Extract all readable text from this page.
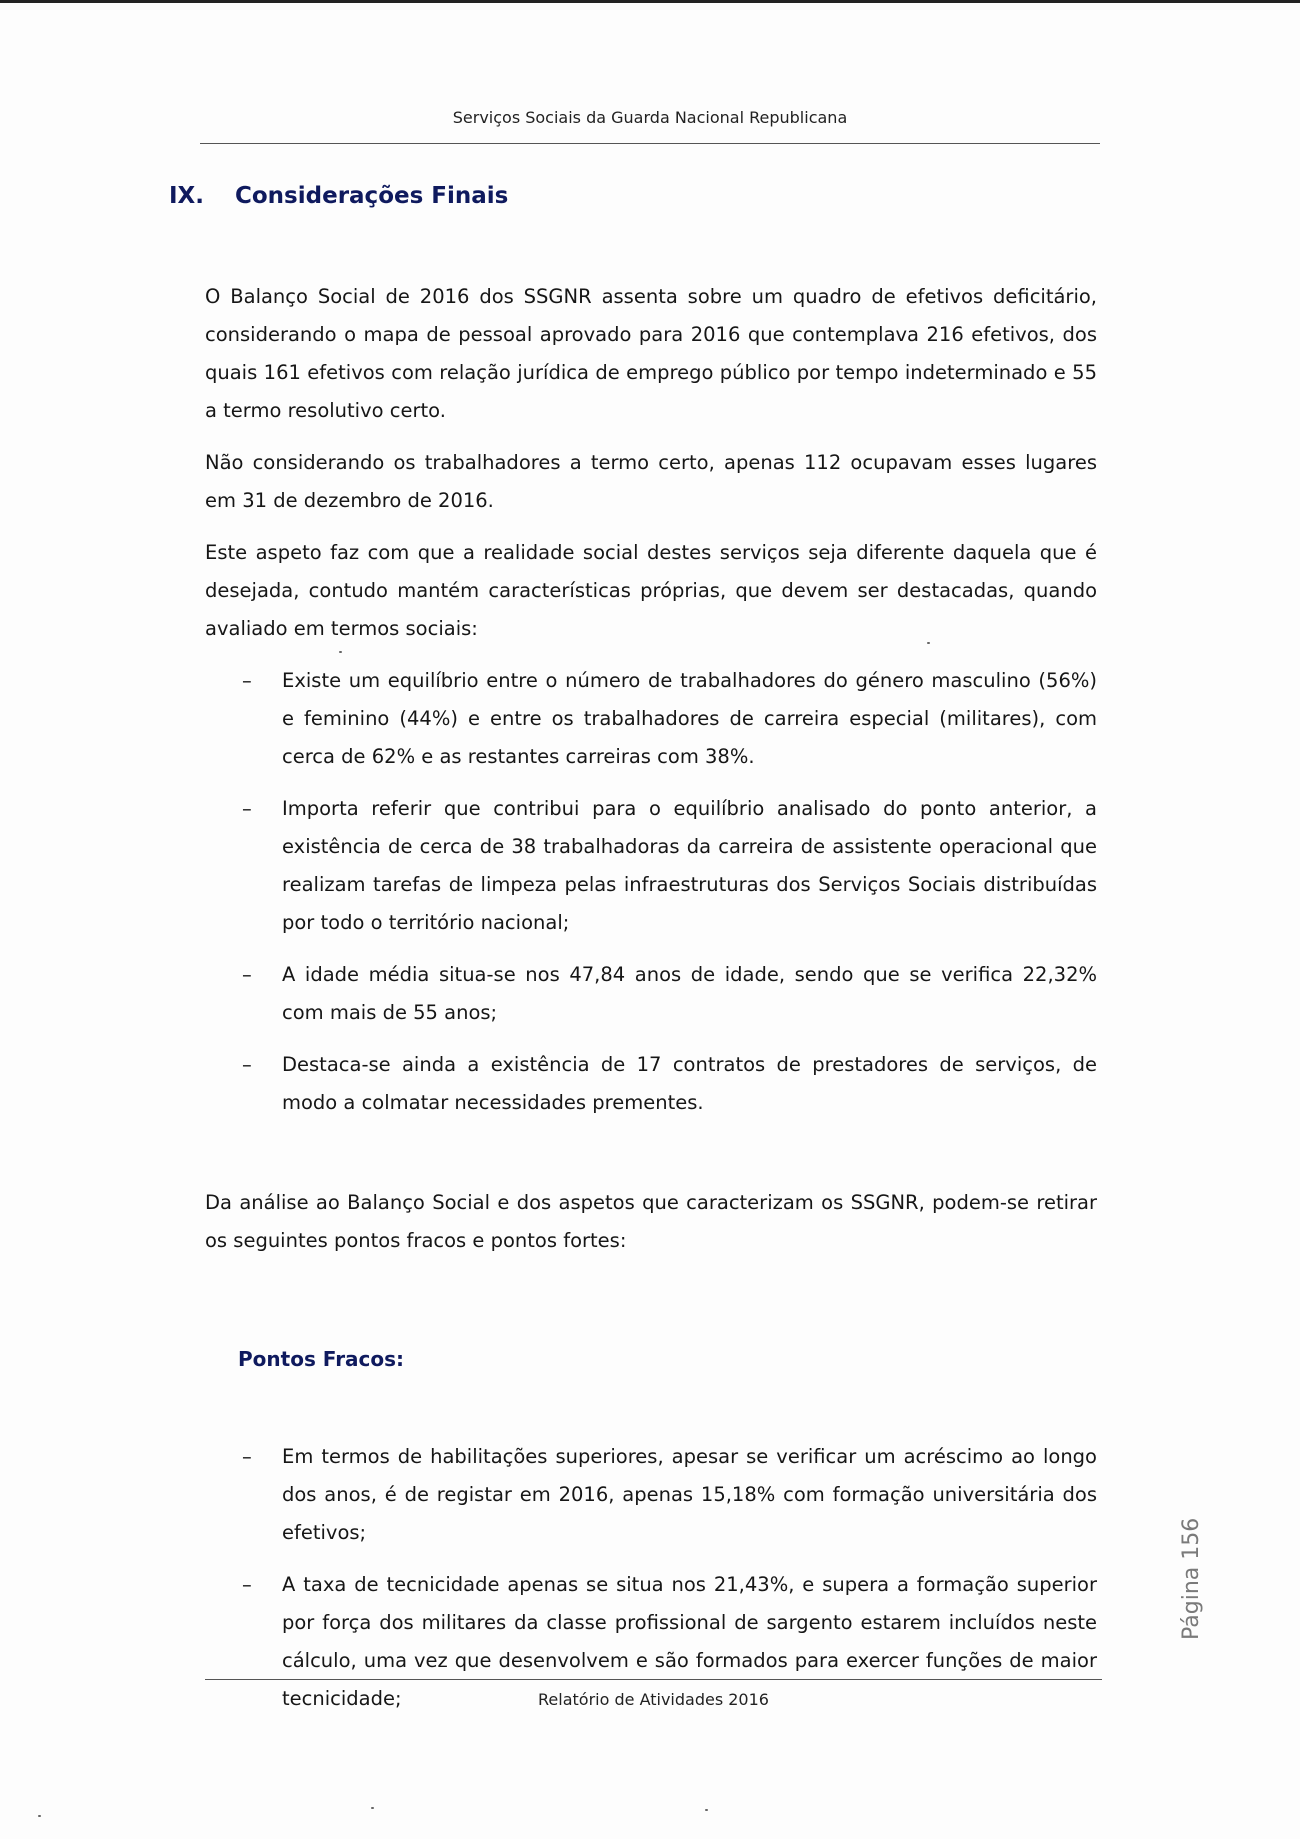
Serviços Sociais da Guarda Nacional Republicana
IX. Considerações Finais

O Balanço Social de 2016 dos SSGNR assenta sobre um quadro de efetivos deficitário, considerando o mapa de pessoal aprovado para 2016 que contemplava 216 efetivos, dos quais 161 efetivos com relação jurídica de emprego público por tempo indeterminado e 55 a termo resolutivo certo.

Não considerando os trabalhadores a termo certo, apenas 112 ocupavam esses lugares em 31 de dezembro de 2016.

Este aspeto faz com que a realidade social destes serviços seja diferente daquela que é desejada, contudo mantém características próprias, que devem ser destacadas, quando avaliado em termos sociais:

– Existe um equilíbrio entre o número de trabalhadores do género masculino (56%) e feminino (44%) e entre os trabalhadores de carreira especial (militares), com cerca de 62% e as restantes carreiras com 38%.
– Importa referir que contribui para o equilíbrio analisado do ponto anterior, a existência de cerca de 38 trabalhadoras da carreira de assistente operacional que realizam tarefas de limpeza pelas infraestruturas dos Serviços Sociais distribuídas por todo o território nacional;
– A idade média situa-se nos 47,84 anos de idade, sendo que se verifica 22,32% com mais de 55 anos;
– Destaca-se ainda a existência de 17 contratos de prestadores de serviços, de modo a colmatar necessidades prementes.

Da análise ao Balanço Social e dos aspetos que caracterizam os SSGNR, podem-se retirar os seguintes pontos fracos e pontos fortes:

Pontos Fracos:
– Em termos de habilitações superiores, apesar se verificar um acréscimo ao longo dos anos, é de registar em 2016, apenas 15,18% com formação universitária dos efetivos;
– A taxa de tecnicidade apenas se situa nos 21,43%, e supera a formação superior por força dos militares da classe profissional de sargento estarem incluídos neste cálculo, uma vez que desenvolvem e são formados para exercer funções de maior tecnicidade;
Página 156
Relatório de Atividades 2016
